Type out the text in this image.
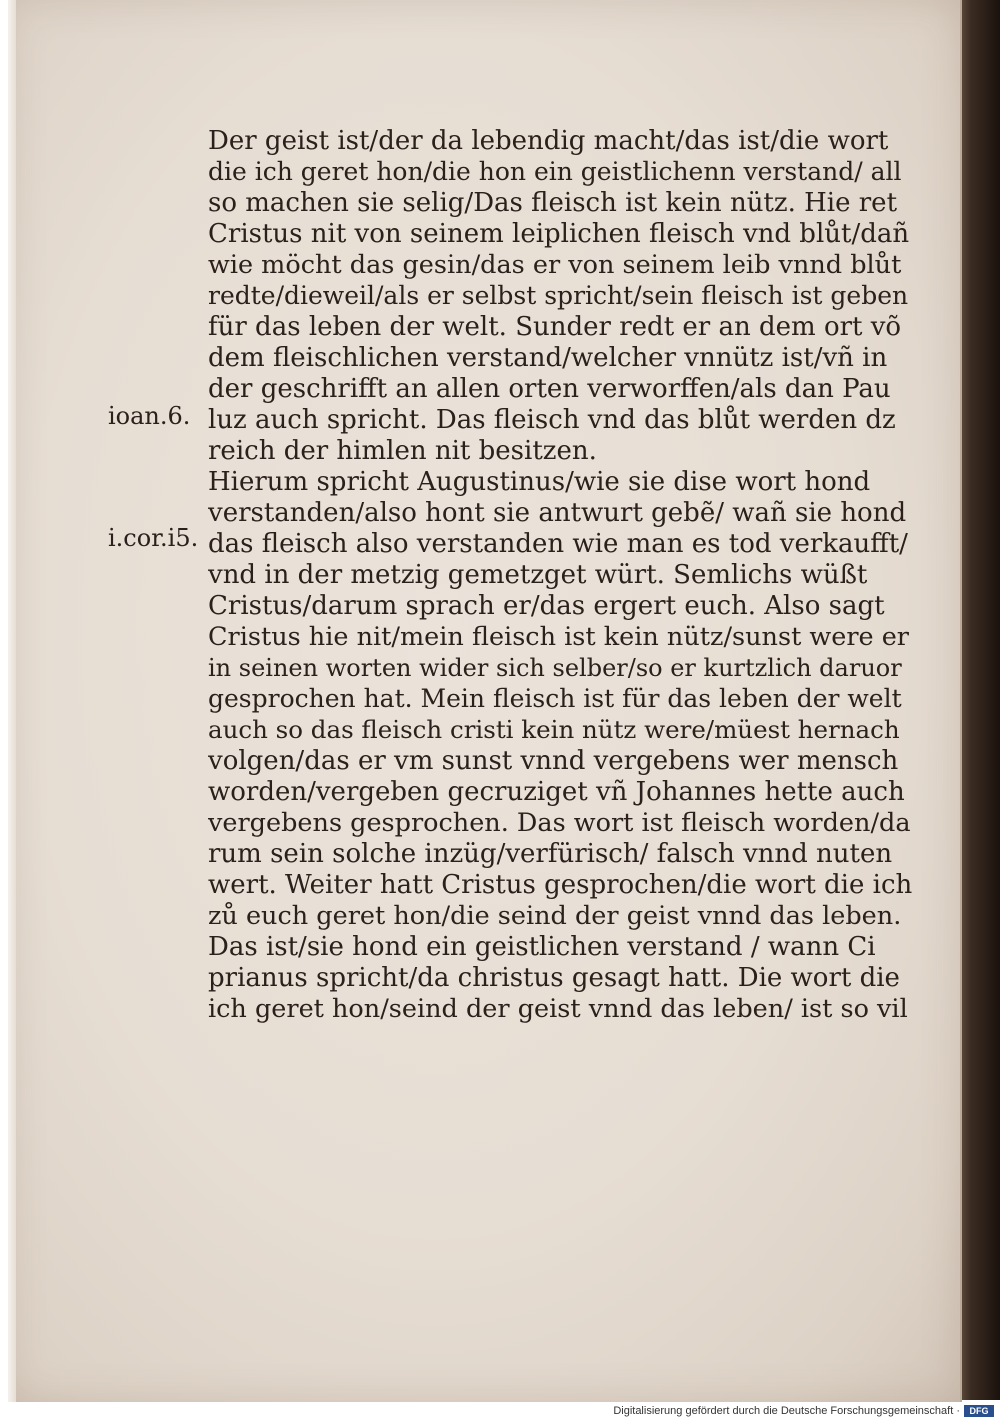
Der geist ist/der da lebendig macht/das ist/die wort

die ich geret hon/die hon ein geistlichenn verstand/ all

so machen sie selig/Das fleisch ist kein nütz. Hie ret

Cristus nit von seinem leiplichen fleisch vnd blůt/dañ

wie möcht das gesin/das er von seinem leib vnnd blůt

redte/dieweil/als er selbst spricht/sein fleisch ist geben

für das leben der welt. Sunder redt er an dem ort võ

dem fleischlichen verstand/welcher vnnütz ist/vñ in

der geschrifft an allen orten verworffen/als dan Pau

luz auch spricht. Das fleisch vnd das blůt werden dz

reich der himlen nit besitzen.

Hierum spricht Augustinus/wie sie dise wort hond

verstanden/also hont sie antwurt gebẽ/ wañ sie hond

das fleisch also verstanden wie man es tod verkaufft/

vnd in der metzig gemetzget würt. Semlichs wüßt

Cristus/darum sprach er/das ergert euch. Also sagt

Cristus hie nit/mein fleisch ist kein nütz/sunst were er

in seinen worten wider sich selber/so er kurtzlich daruor

gesprochen hat. Mein fleisch ist für das leben der welt

auch so das fleisch cristi kein nütz were/müest hernach

volgen/das er vm sunst vnnd vergebens wer mensch

worden/vergeben gecruziget vñ Johannes hette auch

vergebens gesprochen. Das wort ist fleisch worden/da

rum sein solche inzüg/verfürisch/ falsch vnnd nuten

wert. Weiter hatt Cristus gesprochen/die wort die ich

zů euch geret hon/die seind der geist vnnd das leben.

Das ist/sie hond ein geistlichen verstand / wann Ci

prianus spricht/da christus gesagt hatt. Die wort die

ich geret hon/seind der geist vnnd das leben/ ist so vil

ioan.6.
i.cor.i5.
Digitalisierung gefördert durch die Deutsche Forschungsgemeinschaft ·	DFG
